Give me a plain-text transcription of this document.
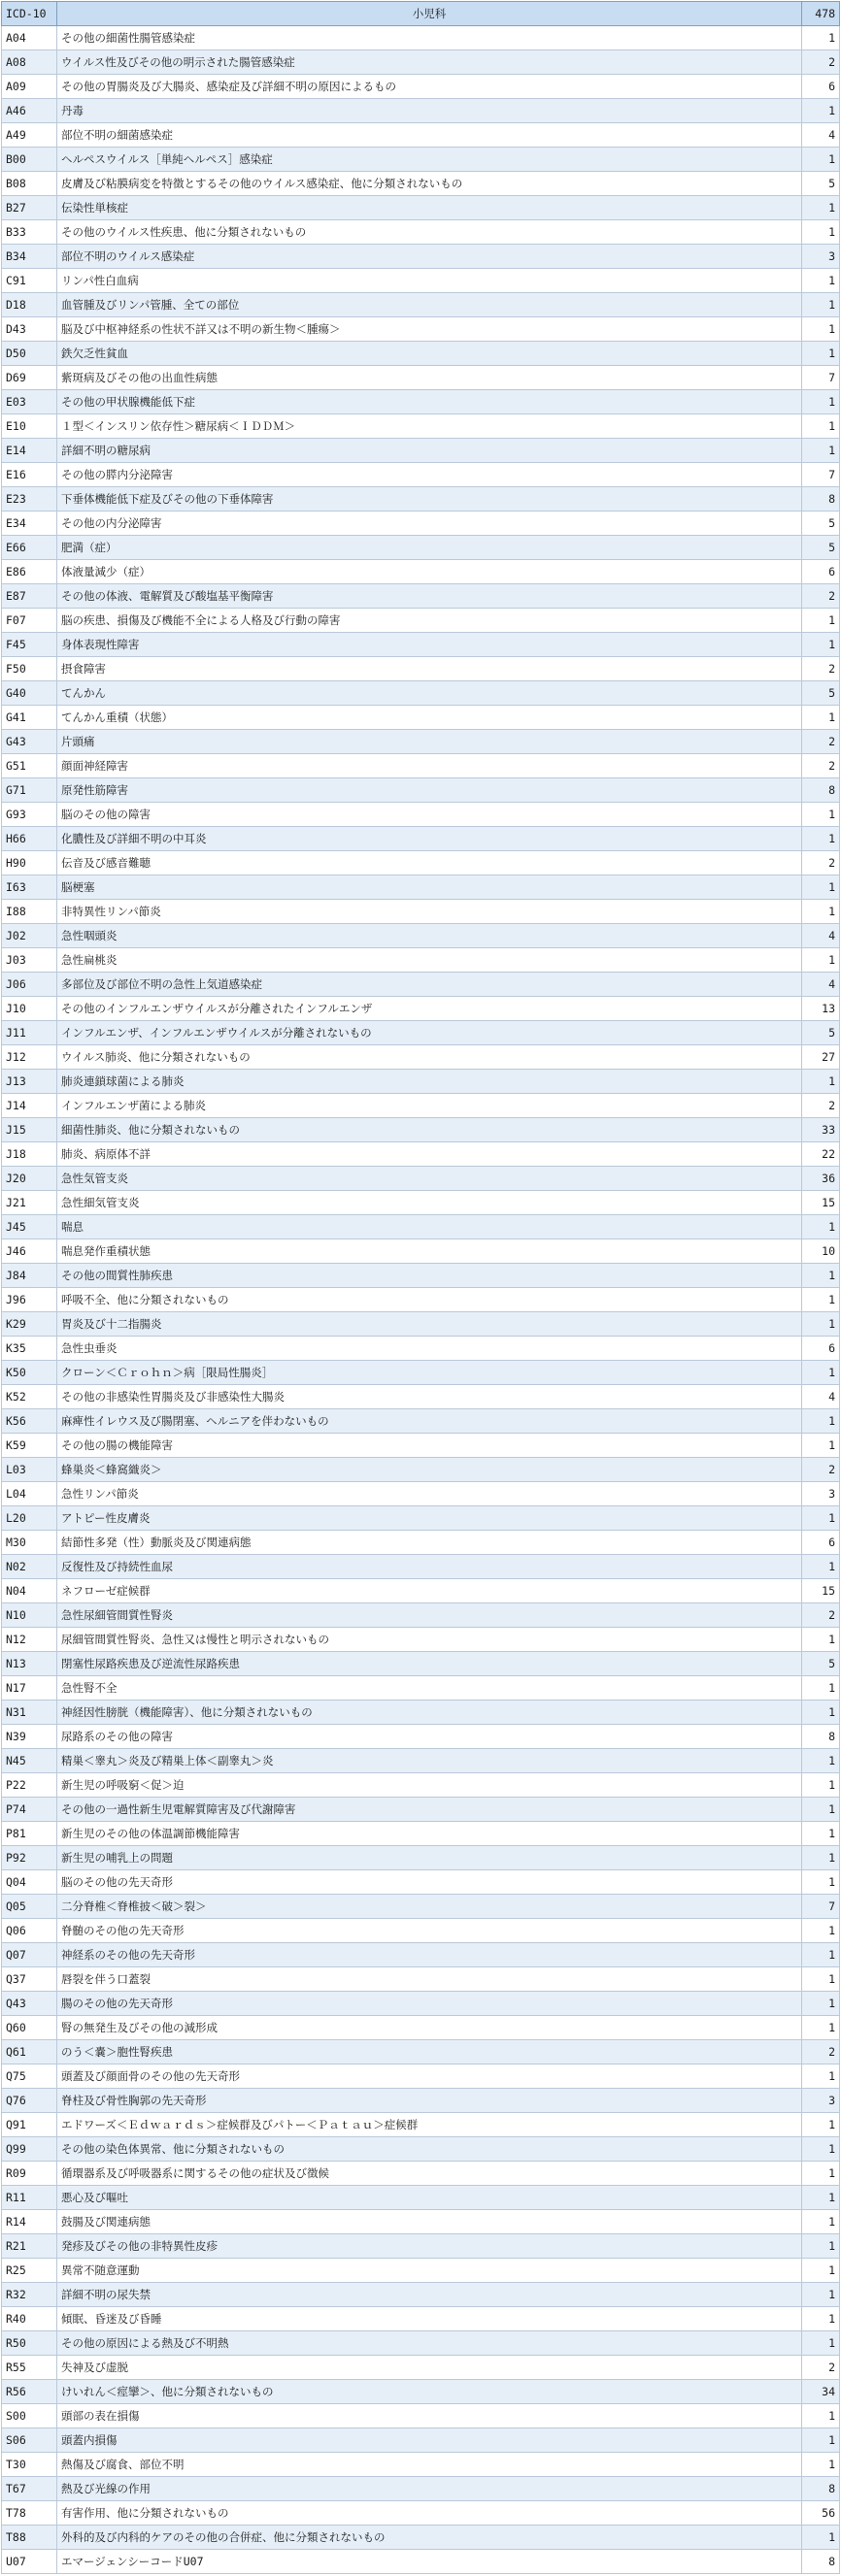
ICD-10	小児科	478
A04	その他の細菌性腸管感染症	1
A08	ウイルス性及びその他の明示された腸管感染症	2
A09	その他の胃腸炎及び大腸炎、感染症及び詳細不明の原因によるもの	6
A46	丹毒	1
A49	部位不明の細菌感染症	4
B00	ヘルペスウイルス［単純ヘルペス］感染症	1
B08	皮膚及び粘膜病変を特徴とするその他のウイルス感染症、他に分類されないもの	5
B27	伝染性単核症	1
B33	その他のウイルス性疾患、他に分類されないもの	1
B34	部位不明のウイルス感染症	3
C91	リンパ性白血病	1
D18	血管腫及びリンパ管腫、全ての部位	1
D43	脳及び中枢神経系の性状不詳又は不明の新生物＜腫瘍＞	1
D50	鉄欠乏性貧血	1
D69	紫斑病及びその他の出血性病態	7
E03	その他の甲状腺機能低下症	1
E10	１型＜インスリン依存性＞糖尿病＜ＩＤＤＭ＞	1
E14	詳細不明の糖尿病	1
E16	その他の膵内分泌障害	7
E23	下垂体機能低下症及びその他の下垂体障害	8
E34	その他の内分泌障害	5
E66	肥満（症）	5
E86	体液量減少（症）	6
E87	その他の体液、電解質及び酸塩基平衡障害	2
F07	脳の疾患、損傷及び機能不全による人格及び行動の障害	1
F45	身体表現性障害	1
F50	摂食障害	2
G40	てんかん	5
G41	てんかん重積（状態）	1
G43	片頭痛	2
G51	顔面神経障害	2
G71	原発性筋障害	8
G93	脳のその他の障害	1
H66	化膿性及び詳細不明の中耳炎	1
H90	伝音及び感音難聴	2
I63	脳梗塞	1
I88	非特異性リンパ節炎	1
J02	急性咽頭炎	4
J03	急性扁桃炎	1
J06	多部位及び部位不明の急性上気道感染症	4
J10	その他のインフルエンザウイルスが分離されたインフルエンザ	13
J11	インフルエンザ、インフルエンザウイルスが分離されないもの	5
J12	ウイルス肺炎、他に分類されないもの	27
J13	肺炎連鎖球菌による肺炎	1
J14	インフルエンザ菌による肺炎	2
J15	細菌性肺炎、他に分類されないもの	33
J18	肺炎、病原体不詳	22
J20	急性気管支炎	36
J21	急性細気管支炎	15
J45	喘息	1
J46	喘息発作重積状態	10
J84	その他の間質性肺疾患	1
J96	呼吸不全、他に分類されないもの	1
K29	胃炎及び十二指腸炎	1
K35	急性虫垂炎	6
K50	クローン＜Ｃｒｏｈｎ＞病［限局性腸炎］	1
K52	その他の非感染性胃腸炎及び非感染性大腸炎	4
K56	麻痺性イレウス及び腸閉塞、ヘルニアを伴わないもの	1
K59	その他の腸の機能障害	1
L03	蜂巣炎＜蜂窩織炎＞	2
L04	急性リンパ節炎	3
L20	アトピー性皮膚炎	1
M30	結節性多発（性）動脈炎及び関連病態	6
N02	反復性及び持続性血尿	1
N04	ネフローゼ症候群	15
N10	急性尿細管間質性腎炎	2
N12	尿細管間質性腎炎、急性又は慢性と明示されないもの	1
N13	閉塞性尿路疾患及び逆流性尿路疾患	5
N17	急性腎不全	1
N31	神経因性膀胱（機能障害）、他に分類されないもの	1
N39	尿路系のその他の障害	8
N45	精巣＜睾丸＞炎及び精巣上体＜副睾丸＞炎	1
P22	新生児の呼吸窮＜促＞迫	1
P74	その他の一過性新生児電解質障害及び代謝障害	1
P81	新生児のその他の体温調節機能障害	1
P92	新生児の哺乳上の問題	1
Q04	脳のその他の先天奇形	1
Q05	二分脊椎＜脊椎披＜破＞裂＞	7
Q06	脊髄のその他の先天奇形	1
Q07	神経系のその他の先天奇形	1
Q37	唇裂を伴う口蓋裂	1
Q43	腸のその他の先天奇形	1
Q60	腎の無発生及びその他の減形成	1
Q61	のう＜嚢＞胞性腎疾患	2
Q75	頭蓋及び顔面骨のその他の先天奇形	1
Q76	脊柱及び骨性胸郭の先天奇形	3
Q91	エドワーズ＜Ｅｄｗａｒｄｓ＞症候群及びパトー＜Ｐａｔａｕ＞症候群	1
Q99	その他の染色体異常、他に分類されないもの	1
R09	循環器系及び呼吸器系に関するその他の症状及び徴候	1
R11	悪心及び嘔吐	1
R14	鼓腸及び関連病態	1
R21	発疹及びその他の非特異性皮疹	1
R25	異常不随意運動	1
R32	詳細不明の尿失禁	1
R40	傾眠、昏迷及び昏睡	1
R50	その他の原因による熱及び不明熱	1
R55	失神及び虚脱	2
R56	けいれん＜痙攣＞、他に分類されないもの	34
S00	頭部の表在損傷	1
S06	頭蓋内損傷	1
T30	熱傷及び腐食、部位不明	1
T67	熱及び光線の作用	8
T78	有害作用、他に分類されないもの	56
T88	外科的及び内科的ケアのその他の合併症、他に分類されないもの	1
U07	エマージェンシーコードU07	8
